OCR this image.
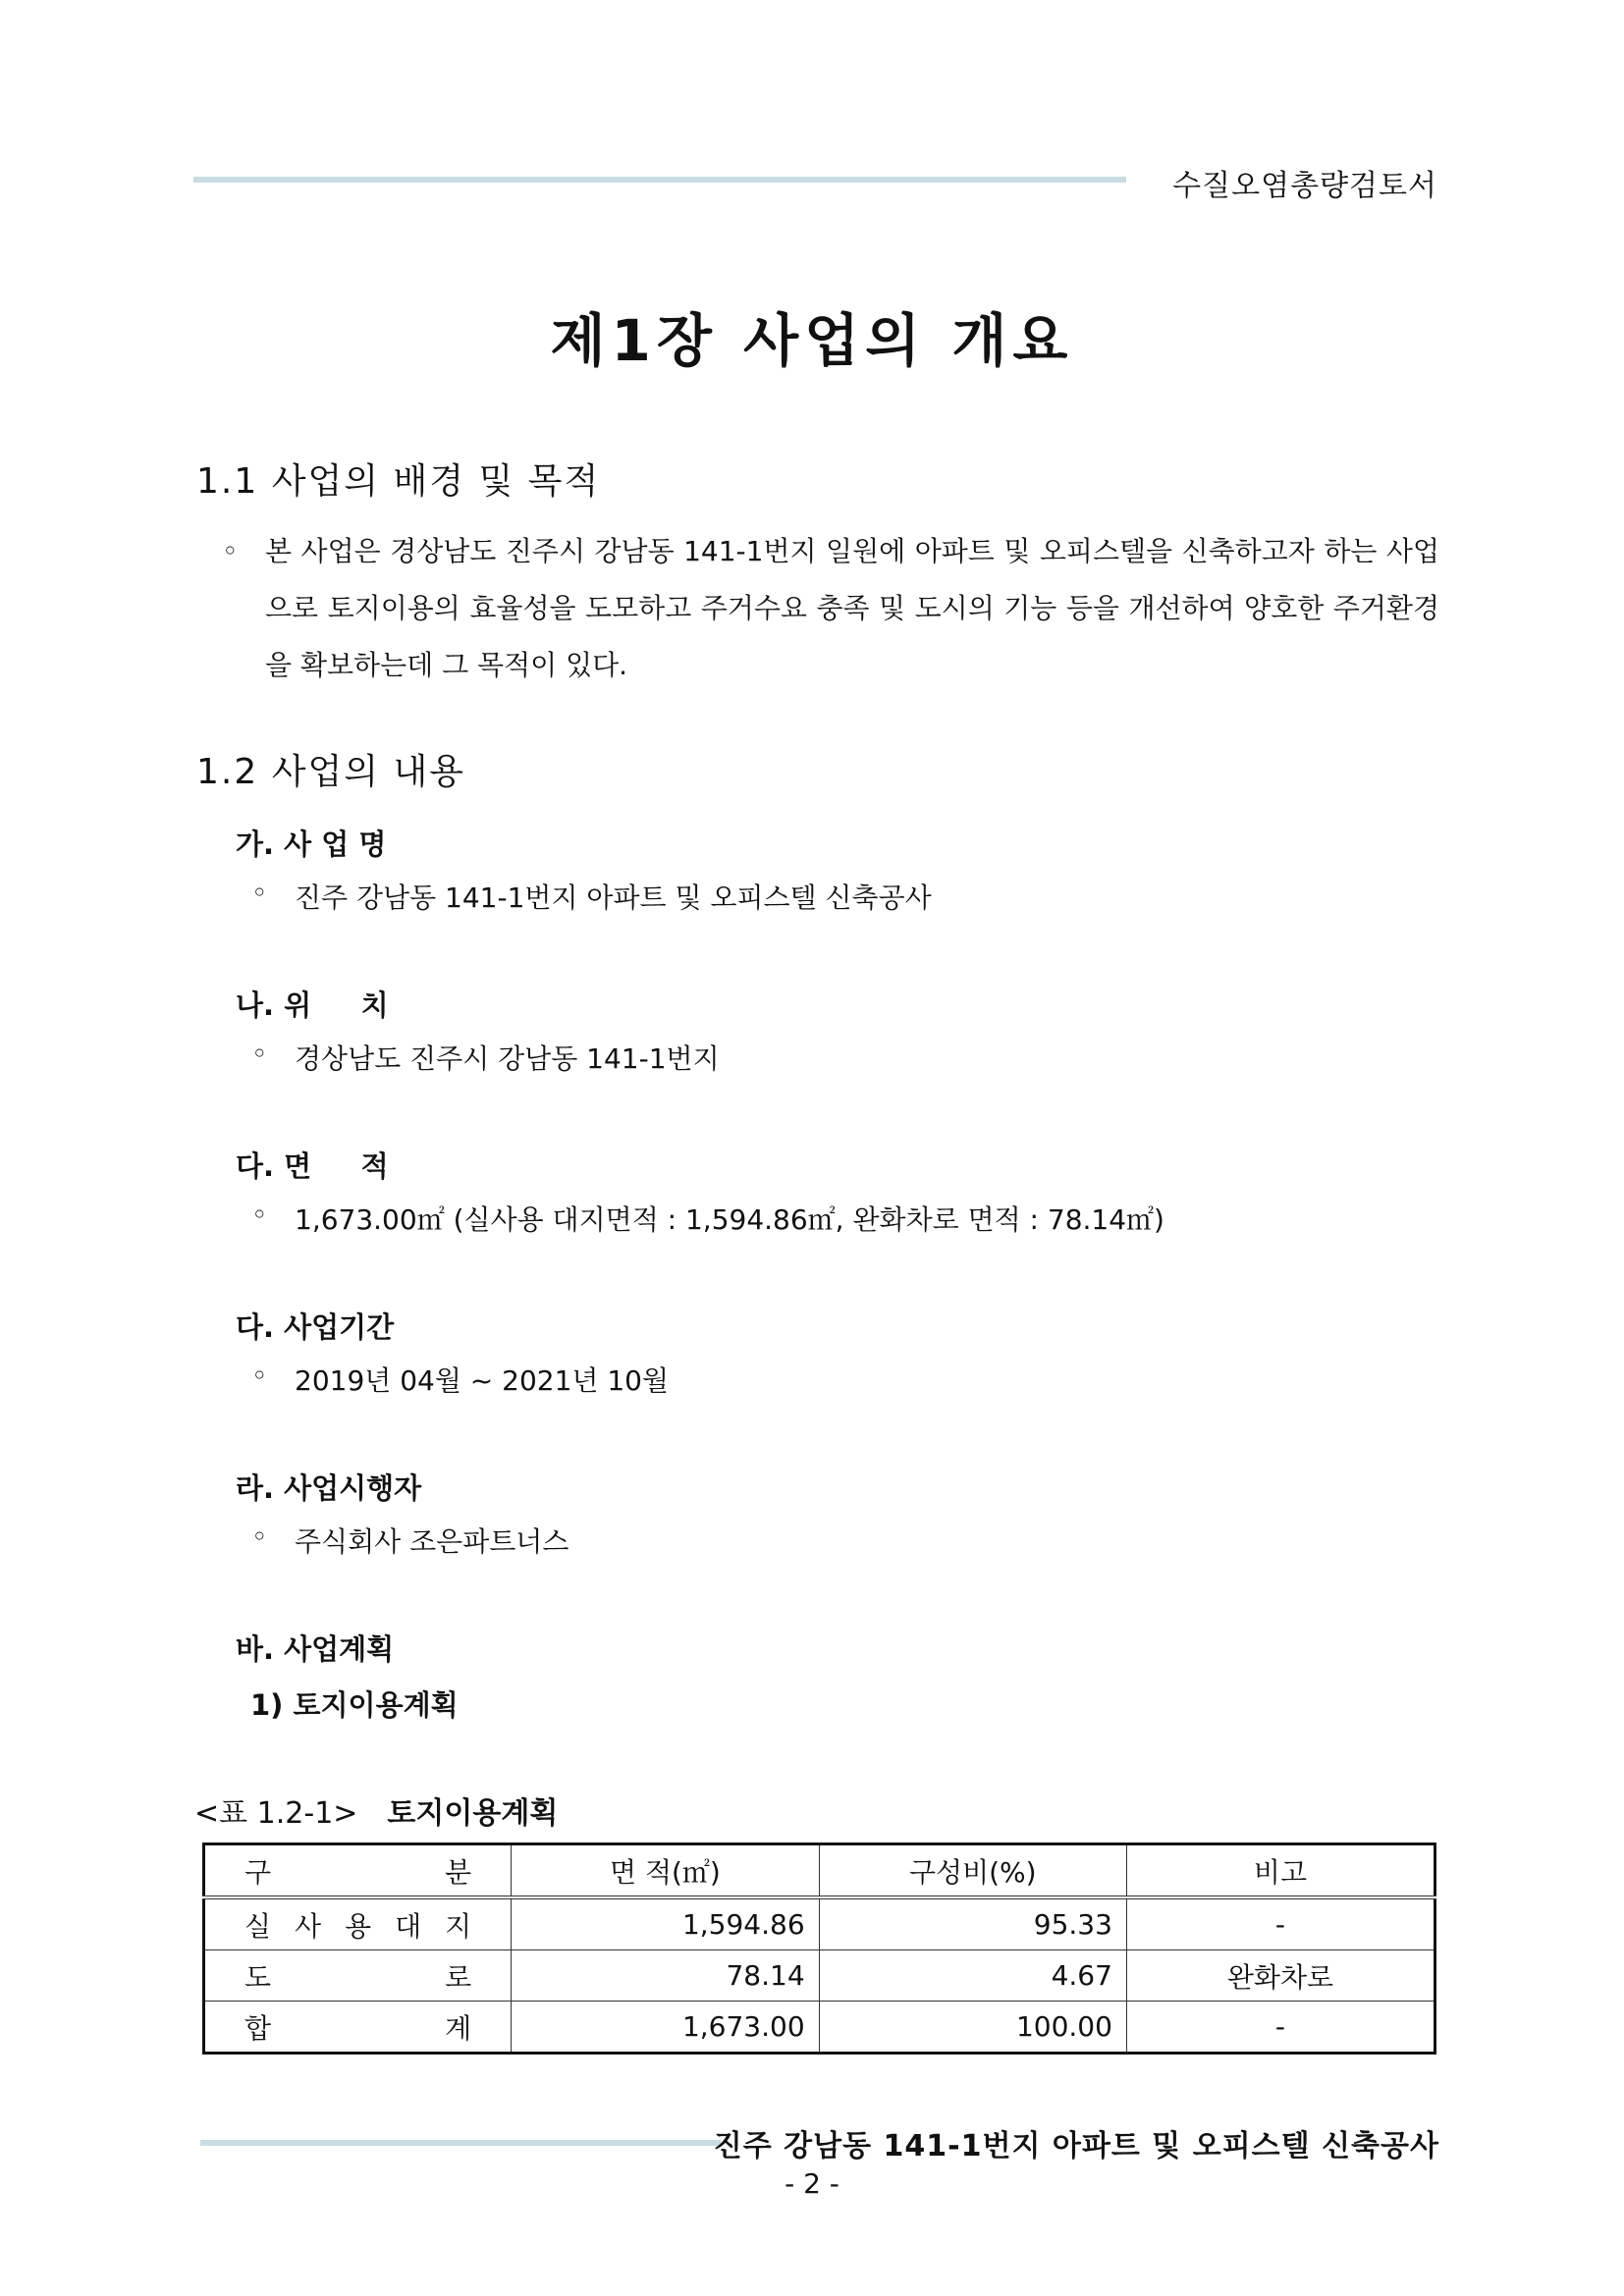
수질오염총량검토서
제1장 사업의 개요
1.1 사업의 배경 및 목적
◦ 본 사업은 경상남도 진주시 강남동 141-1번지 일원에 아파트 및 오피스텔을 신축하고자 하는 사업으로 토지이용의 효율성을 도모하고 주거수요 충족 및 도시의 기능 등을 개선하여 양호한 주거환경을 확보하는데 그 목적이 있다.
1.2 사업의 내용
가. 사 업 명
◦ 진주 강남동 141-1번지 아파트 및 오피스텔 신축공사
나. 위     치
◦ 경상남도 진주시 강남동 141-1번지
다. 면     적
◦ 1,673.00㎡ (실사용 대지면적 : 1,594.86㎡, 완화차로 면적 : 78.14㎡)
다. 사업기간
◦ 2019년 04월 ~ 2021년 10월
라. 사업시행자
◦ 주식회사 조은파트너스
바. 사업계획
1) 토지이용계획
<표 1.2-1> 토지이용계획
구 분	면 적(㎡)	구성비(%)	비고
실 사 용 대 지	1,594.86	95.33	-
도 로	78.14	4.67	완화차로
합 계	1,673.00	100.00	-
진주 강남동 141-1번지 아파트 및 오피스텔 신축공사
- 2 -
